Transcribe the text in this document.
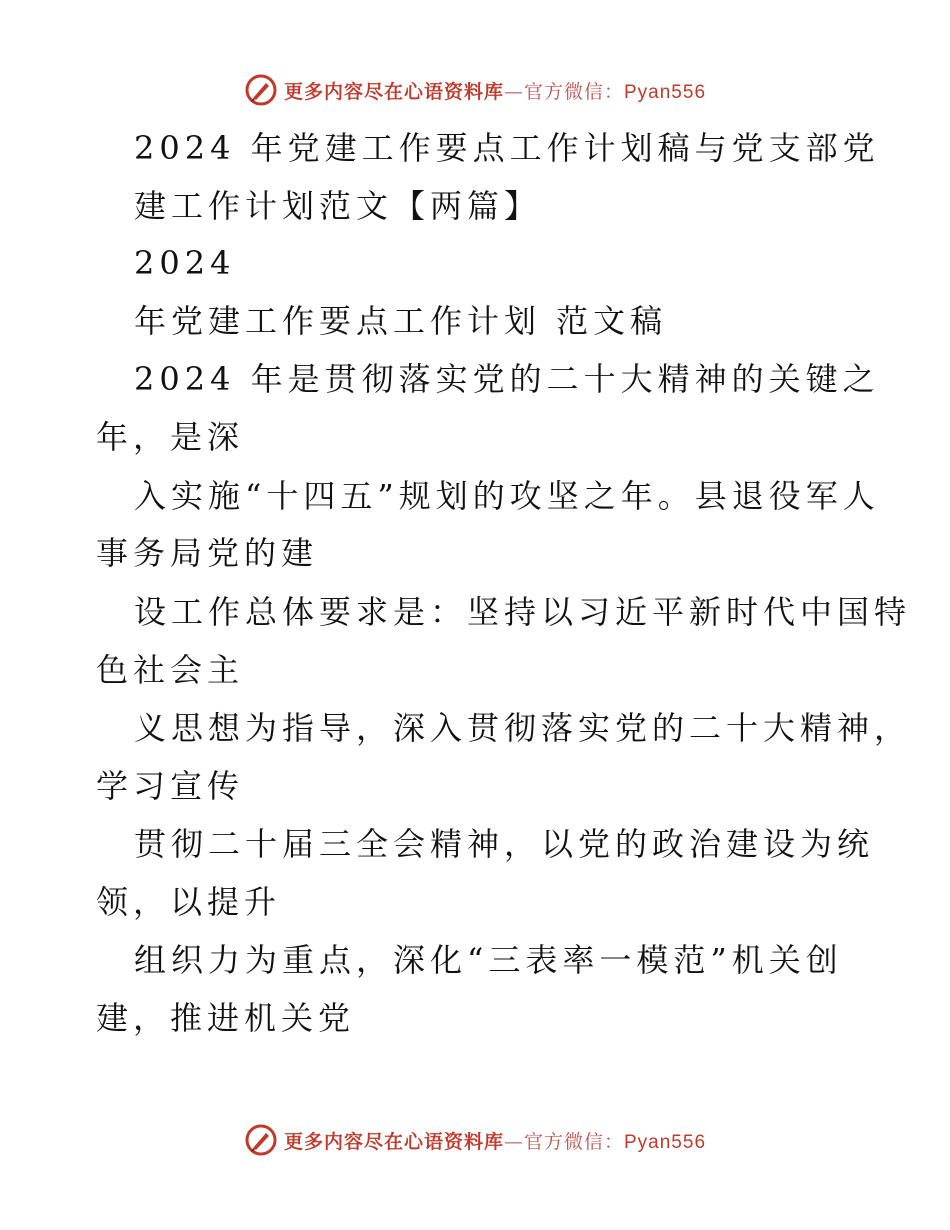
更多内容尽在心语资料库—官方微信：Pyan556
2024 年党建工作要点工作计划稿与党支部党
建工作计划范文【两篇】
2024
年党建工作要点工作计划 范文稿
2024 年是贯彻落实党的二十大精神的关键之
年，是深
入实施“十四五”规划的攻坚之年。县退役军人
事务局党的建
设工作总体要求是：坚持以习近平新时代中国特
色社会主
义思想为指导，深入贯彻落实党的二十大精神，
学习宣传
贯彻二十届三全会精神，以党的政治建设为统
领，以提升
组织力为重点，深化“三表率一模范”机关创
建，推进机关党
更多内容尽在心语资料库—官方微信：Pyan556
